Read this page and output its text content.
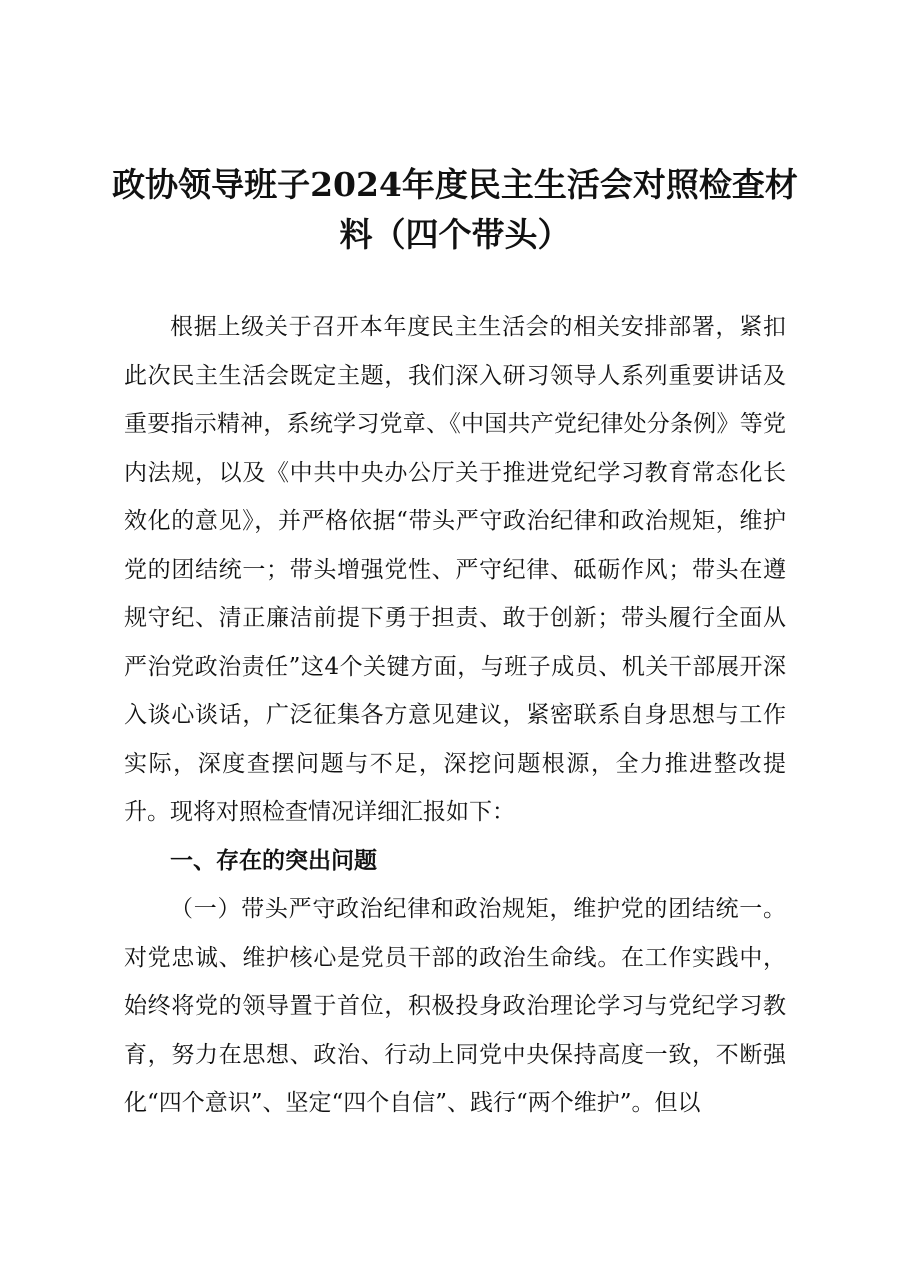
政协领导班子2024年度民主生活会对照检查材料（四个带头）

根据上级关于召开本年度民主生活会的相关安排部署，紧扣此次民主生活会既定主题，我们深入研习领导人系列重要讲话及重要指示精神，系统学习党章、《中国共产党纪律处分条例》等党内法规，以及《中共中央办公厅关于推进党纪学习教育常态化长效化的意见》，并严格依据“带头严守政治纪律和政治规矩，维护党的团结统一；带头增强党性、严守纪律、砥砺作风；带头在遵规守纪、清正廉洁前提下勇于担责、敢于创新；带头履行全面从严治党政治责任”这4个关键方面，与班子成员、机关干部展开深入谈心谈话，广泛征集各方意见建议，紧密联系自身思想与工作实际，深度查摆问题与不足，深挖问题根源，全力推进整改提升。现将对照检查情况详细汇报如下：

一、存在的突出问题

（一）带头严守政治纪律和政治规矩，维护党的团结统一。对党忠诚、维护核心是党员干部的政治生命线。在工作实践中，始终将党的领导置于首位，积极投身政治理论学习与党纪学习教育，努力在思想、政治、行动上同党中央保持高度一致，不断强化“四个意识”、坚定“四个自信”、践行“两个维护”。但以
